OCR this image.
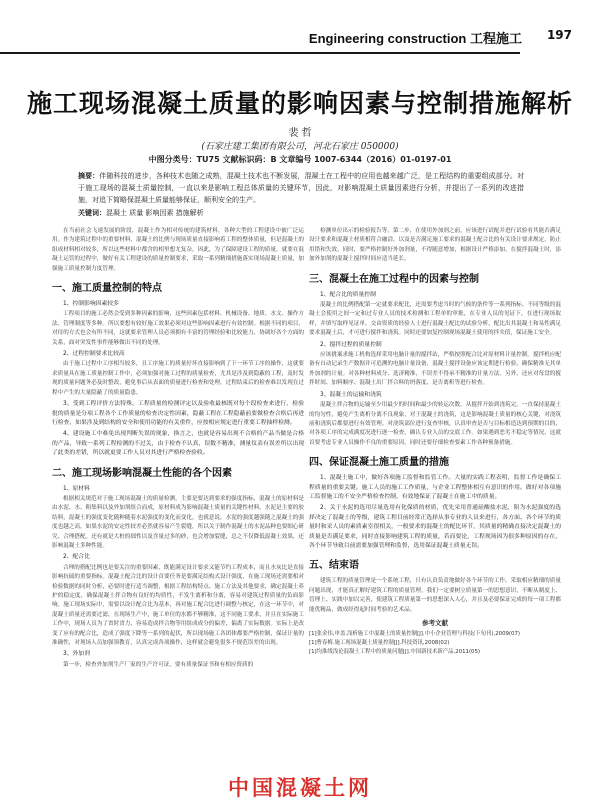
Engineering construction 工程施工 197
施工现场混凝土质量的影响因素与控制措施解析
裴 哲
(石家庄建工集团有限公司，河北石家庄 050000)
中图分类号：TU75 文献标识码：B 文章编号 1007-6344（2016）01-0197-01
摘要：伴随科技的进步，各种技术也随之成熟，混凝土技术也不断发展，混凝土在工程中的应用也越来越广泛，是工程结构的重要组成部分。对于施工现场的混凝土质量控制，一直以来是影响工程总体质量的关键环节，因此，对影响混凝土质量因素进行分析，并提出了一系列的改进措施，对追下简略保混凝土质量能够保证，顺利安全的生产。
关键词：混凝土 质量 影响因素 措施解析
在当前社会飞速发展的阶段，混凝土作为相对传统的建筑材料，各种大型的工程建设中被广泛运用。作为建筑过程中的重要材料，混凝土的比例与现场质量直接影响着工程的整体质量，但是混凝土的组成材料相对较多，所以这些材料中都含的相里想尤复杂，因此，为了保障建设工程的质量，就要在混凝土运管的过程中，做好有关工程建设的质量控制要求，采取一系列精细措施落实现场混凝土质量，加强施工质量控制力度管理。
一、施工质量控制的特点
1、控制影响因素较多
工程项目的施工必然会受到多种因素的影响，这些因素包括材料、机械设备、地质、水文、操作方法、管理制度等多种。所以要想有较好施工效果必须对这些影响因素进行有效控制。根据不同的项目，对待的方式也会有所不同，这就要求管理人员必须拥有丰富的管理经验和比较能力，协调好各个方面的关系，面对突发性事件能够做出不同的处理。
2、过程控制要求比较高
由于施工过程中工序相当较多，且工序施工的质量好坏直接影响到了下一环节工序的操作，这就要求质量具在施工质量控制工作中，必须加强对施工过程的质量检查，尤其是涉及到隐蔽的工程，及时发现的质量问题务必及时整改，避免事后从表面的质量进行检查和处理，过程结束后的检查难以发现在过程中产生的大量隐蔽了的质量隐患。
3、受到工程评价方法特殊，工程质量的检测评定以及验收最核既对每个段检查来进行，检验批的质量是分项工程各个工作质量的检查决定性因素，隐蔽工程在工程隐蔽前要做检查合格后再进行检查，如果涉及到结构的安全和使用功能的有关重件，应按相应规定进行重要工程抽样检测。
4、建设施工中难免出现判断失误的现象，换言之，也就是容易出现不合格的产品当做是合格的产品，导致一系列工程检测的不过关，由于检查不认真，误数不精准，测量仪表有误差所以出现了此类的差错，所以就更要工作人员对其进行严格检查验收。
二、施工现场影响混凝土性能的各个因素
1、原材料
根据相关规范对于施工现场混凝土的质量检测，主要是要达到要求的强度指标，混凝土的原材料是由水泥、水、粗集料以及外加剂组合而成，原材料成为影响混凝土质量的关键性材料。水泥是主要的胶结料，混凝土的强度变化随种随着水泥强度的变化而变化，也就意说，水泥的强度越强随之混凝土的强度也越之高，如果水泥的安定性较差必然就容易产生裂缝，所以关于制作混凝土的水泥品种也要细心研究、合理搭配。还有就是大桩的细性以及含量过多的砂，也会增加裂缝，总之不仅降低混凝土效果，还影响混凝土多种性能。
2、配合比
合理的搭配比例也是要关注的重要因素，既能满足设计要求又能节约工程成本，而且水灰比是直接影响抗硫的重要指标。混凝土配合比的设计首要任务是要满足结构式设计强度，在施工现场还需要相对检验数据的同时分析，必要时进行适当调整，根据工程结构特点、施工方法及其他要求，确定混凝土养护的稳定度，确保混凝土拌合物有良好的均质性，不发生离析和分离，容易对建筑过程质量的负面影响。施工现场实际中，需要以设计配合比为基本，再对施工配合比进行调整与核定，在这一环节中，对混凝土质量还需要过滤，在现场生产中，施工单位的水都不够精准，这不同施工要求，并且在实际施工工作中，现场人员为了省时省力，容易造成拌合物等用组成成分的偏差，偏离了实际数据。实际上是改变了应有的配合比，造成了强度下降等一系列的起伏，所以现场施工各团体都要严格控制，保证计量的准确性，对现场人员加强领教育，认真完成各项操作，这样就会避免很多不规范误差的出现。
3、外加剂
第一步，检查外加剂生产厂家的生产许可证，要有质量保证书和有相应资质的
检测单位出示的检验报告等。第二步，在使用外加剂之前，应该进行试配并进行试验看其能否满足设计要求和混凝土材质相符合融洽，以及是否满足施工要求的混凝土配合比的有关设计要求规定，防止用错和失效。同时，要严格控制好外加剂量，不得随意增加，根据设计严格添加。在搅拌混凝土时，添加外加剂的混凝土搅拌时间应适当延长。
三、混凝土在施工过程中的因素与控制
1、配合比的质量控制
混凝土的比例搭配第一定就要求配比，还需要考虑当时的气候的条件等一系列指标。不同等级的混凝土会使用之间一定和过专业人员的技术检测和工程单的审批，在专业人员的见证下，在进行现场取样，并填写取样见证单。交由资质的经验人士进行混凝土配比的试验分析，配比出其混凝土和易性满足要求混凝土后，才可进行搅拌和浇筑。同时还要加复控制现场混凝土使用的拌夹值，保证施工安全。
2、搅拌过程的质量控制
应该挑案求施工机构选择采用电脑计量的搅拌站，严格按照配合比对原材料计量控制。搅拌机应配备有自动记录生产数据并可追溯的电脑计量设备，混凝土搅拌设备应该定期进行检验，确保精准无其单外加剂的计量。对各种材料成分、选济精准，不误差不得承不精准的计量方法。另外，还应对每盘的搅拌时间、加料顺序、混凝土出厂拌合料的坍落度、是否离析等进行检查。
3、混凝土的运输和浇筑
混凝土拌合物的运输至少用最少的时间和最少的转运次数，从搅拌开始到浇筑完，一直保持混凝土的均匀性，避免产生离析分离不良现象，对于混凝土的浇筑，这是影响混凝土质量的核心关键，对浇筑前和浇筑后都要进行有效管理。对浇筑部位进行复查审核，认真审查是否与目标相造达到预期的目的，对各项工序的完成满度况进行逐一检查，确认专业人员的交底工作。如果遇到恶劣不稳定等情况，这就首要考虑专业人员操作不良的重要原因，同时还要仔细检查要素工作各种预备措施。
四、保证混凝土施工质量的措施
1、混凝土施工中，做好各项施工监督和监管工作。大量的实践工程表明，监督工作是确保工程质量的重要关键。施工人员的施工工作质量，与企业工程整体相互有意识的作用。做好对各项施工监督施工的不安全严格检查控制，有效地保证了混凝土在施工中的质量。
2、关于水泥的选用尽量选用有化保质的材质，优先采用普通硅酸盐水泥，阻为水泥强度的选择决定了混凝土的等级，建筑工程目前经常正选择从事专业的人员来进行，各方面、各个环节的质量时和采人员的素质素室很相关，一般要求的混凝土的配比环节，其质量的精确直接决定混凝土的质量是否满足要求，同时直接影响建筑工程的质量，若而要论，工程现场因为很多种原因的存在，各个环节导致目前需要加强管理和监督，选用保证混凝土质量无误。
五、结束语
建筑工程的质量管理是一个系统工程，只有认真负责地做好各个环节的工作，采取相应精细的质量问题出现，才能真正解好建筑工程的质量管理。我们一定要树立质量第一的思想意识，不断从制度上、管理上、实践中加以完善，使建筑工程质量第一的思想深入人心，并且及必要保证完成的每一项工程都能优精品，做成经得起时间考验的艺术品。
参考文献
[1]张金伟,申盖.浅析施工中混凝土的质量控制[J].中小企业管理与科技(下旬刊),2009(07)
[1]曹春梅.施工现场混凝土质量控制[J].科技资讯,2008(02)
[1]均淮线浅论混凝土工程中的质量问题[J].中国新技术新产品,2011(05)
中国混凝土网
